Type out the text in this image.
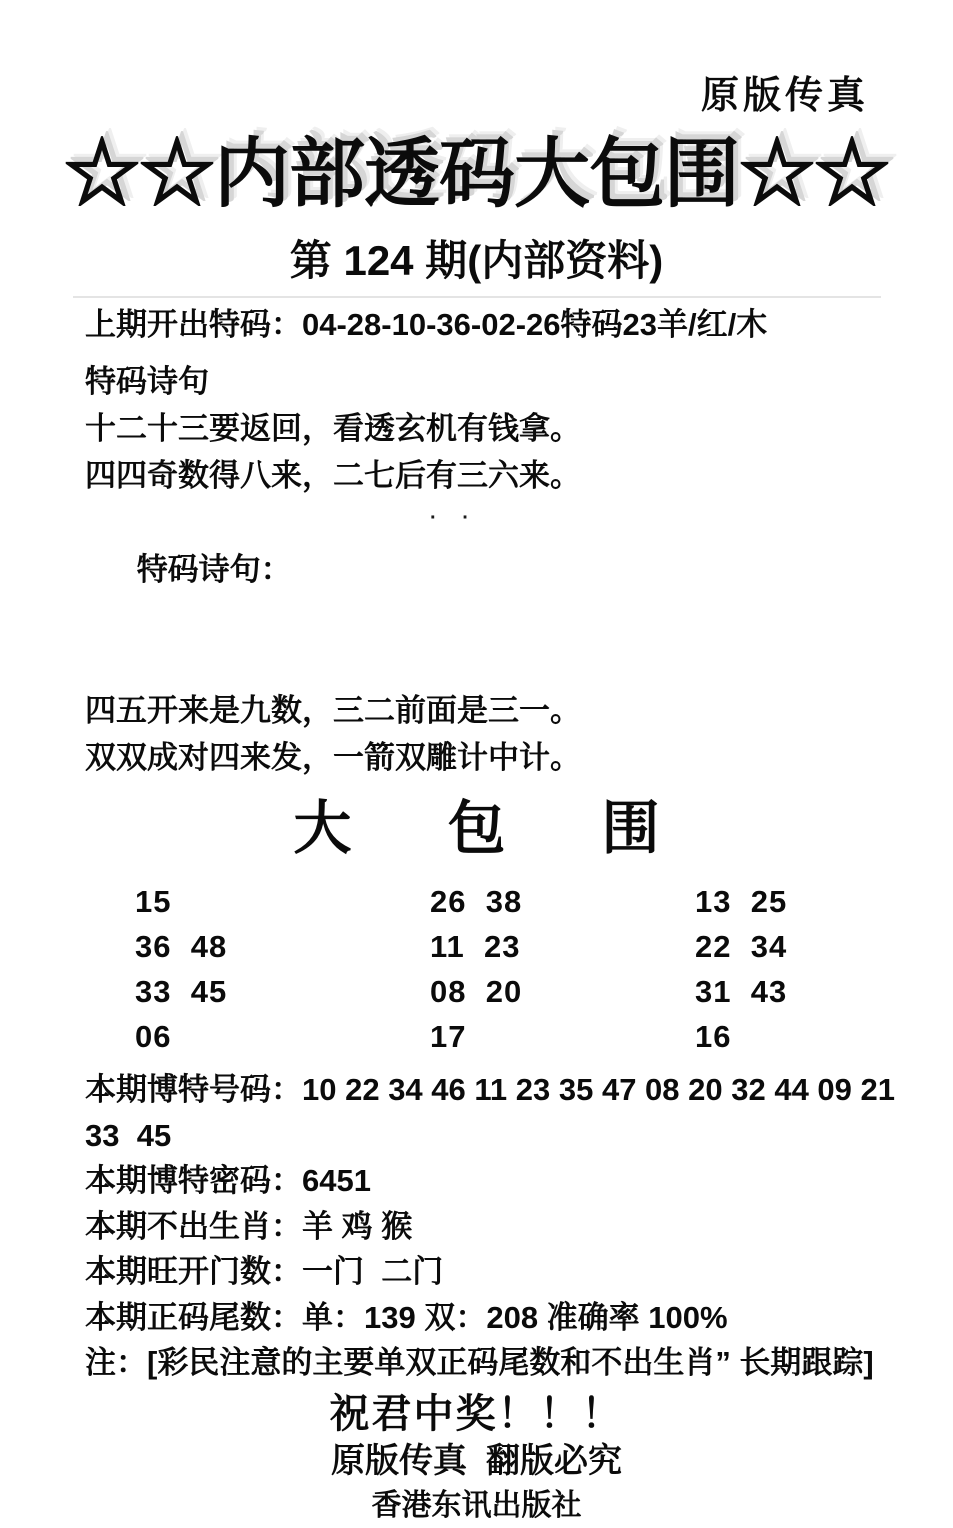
原版传真
☆☆内部透码大包围☆☆
第 124 期(内部资料)
上期开出特码：04-28-10-36-02-26特码23羊/红/木
特码诗句
十二十三要返回，看透玄机有钱拿。
四四奇数得八来，二七后有三六来。

特码诗句：

· ·

四五开来是九数，三二前面是三一。
双双成对四来发，一箭双雕计中计。
大 包 围
15	26  38	13  25
36  48	11  23	22  34
33  45	08  20	31  43
06	17	16
本期博特号码：10 22 34 46 11 23 35 47 08 20 32 44 09 21
33  45
本期博特密码：6451
本期不出生肖：羊 鸡 猴
本期旺开门数：一门  二门
本期正码尾数：单：139 双：208 准确率 100%
注：[彩民注意的主要单双正码尾数和不出生肖” 长期跟踪]
祝君中奖！！！
原版传真  翻版必究
香港东讯出版社
